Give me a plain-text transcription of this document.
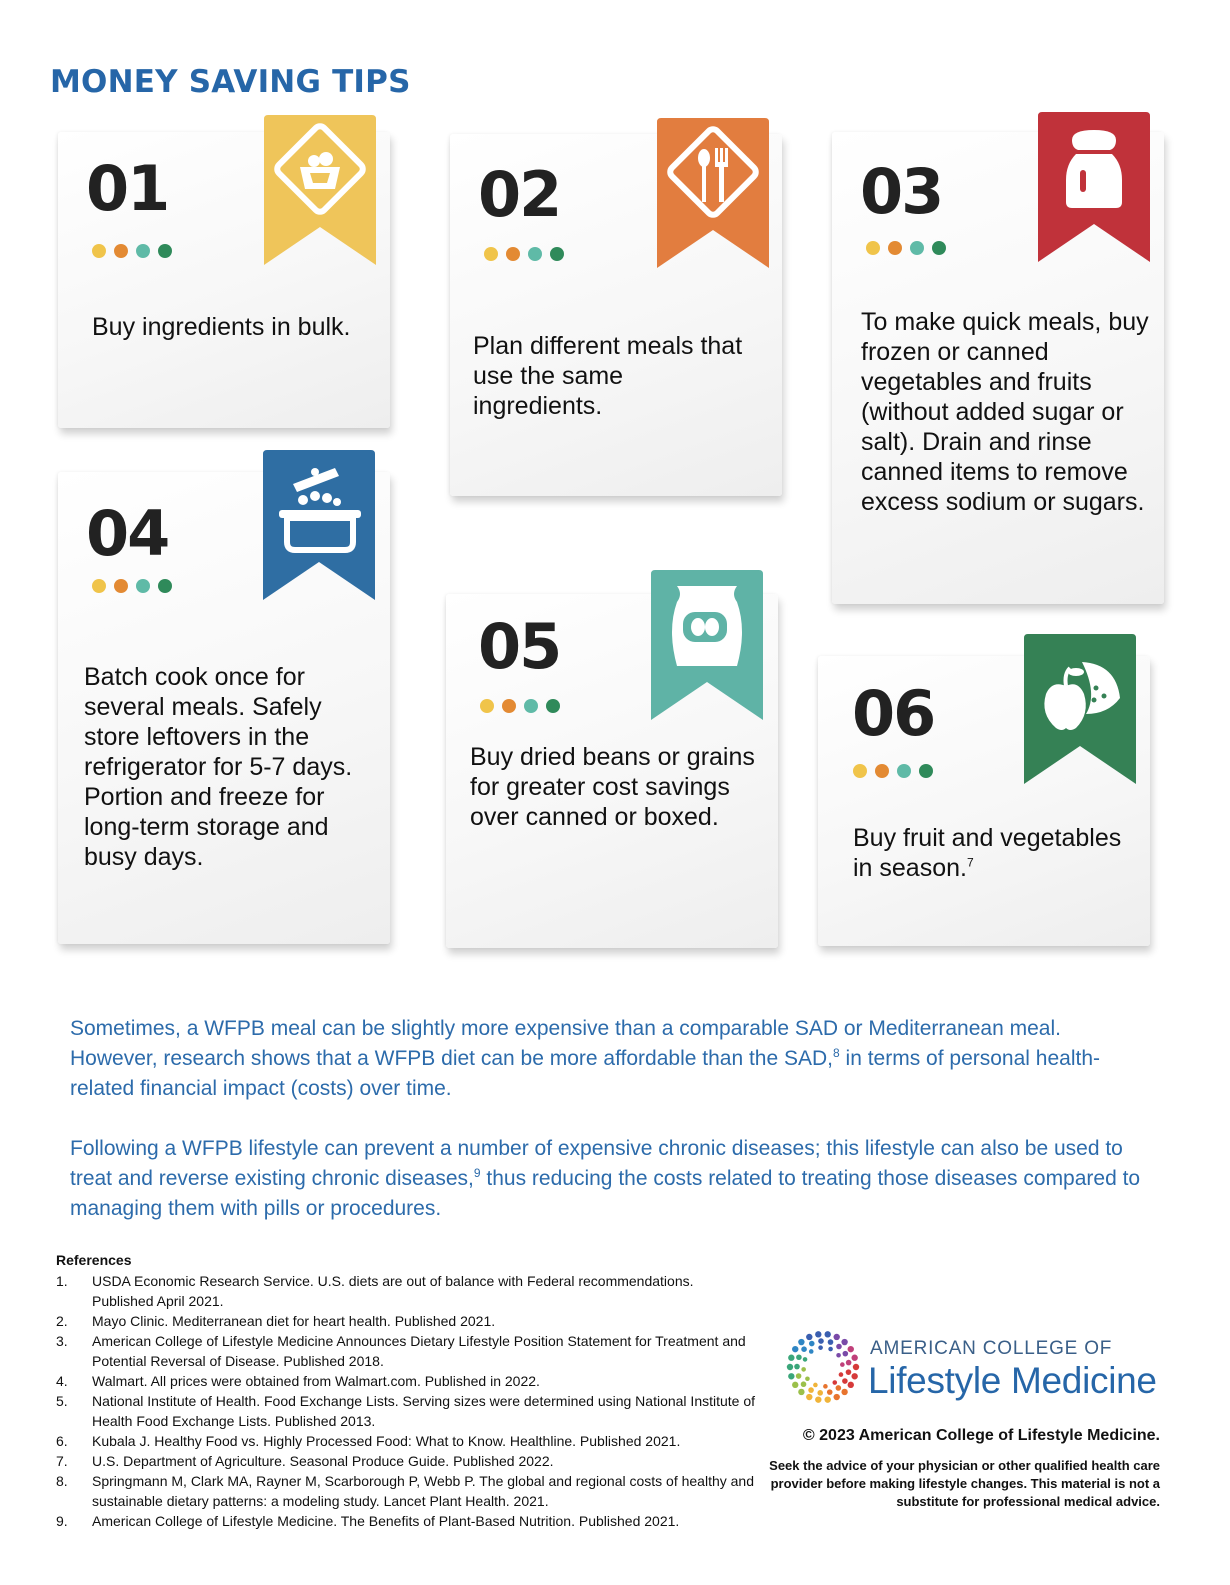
MONEY SAVING TIPS
01
Buy ingredients in bulk.
02
Plan different meals that use the same ingredients.
03
To make quick meals, buy frozen or canned vegetables and fruits (without added sugar or salt). Drain and rinse canned items to remove excess sodium or sugars.
04
Batch cook once for several meals. Safely store leftovers in the refrigerator for 5-7 days. Portion and freeze for long-term storage and busy days.
05
Buy dried beans or grains for greater cost savings over canned or boxed.
06
Buy fruit and vegetables in season.$^7$

Sometimes, a WFPB meal can be slightly more expensive than a comparable SAD or Mediterranean meal. However, research shows that a WFPB diet can be more affordable than the SAD,$^8$ in terms of personal health-related financial impact (costs) over time.

Following a WFPB lifestyle can prevent a number of expensive chronic diseases; this lifestyle can also be used to treat and reverse existing chronic diseases,$^9$ thus reducing the costs related to treating those diseases compared to managing them with pills or procedures.

References
1. USDA Economic Research Service. U.S. diets are out of balance with Federal recommendations. Published April 2021.
2. Mayo Clinic. Mediterranean diet for heart health. Published 2021.
3. American College of Lifestyle Medicine Announces Dietary Lifestyle Position Statement for Treatment and Potential Reversal of Disease. Published 2018.
4. Walmart. All prices were obtained from Walmart.com. Published in 2022.
5. National Institute of Health. Food Exchange Lists. Serving sizes were determined using National Institute of Health Food Exchange Lists. Published 2013.
6. Kubala J. Healthy Food vs. Highly Processed Food: What to Know. Healthline. Published 2021.
7. U.S. Department of Agriculture. Seasonal Produce Guide. Published 2022.
8. Springmann M, Clark MA, Rayner M, Scarborough P, Webb P. The global and regional costs of healthy and sustainable dietary patterns: a modeling study. Lancet Plant Health. 2021.
9. American College of Lifestyle Medicine. The Benefits of Plant-Based Nutrition. Published 2021.
AMERICAN COLLEGE OF
Lifestyle Medicine
© 2023 American College of Lifestyle Medicine.
Seek the advice of your physician or other qualified health care provider before making lifestyle changes. This material is not a substitute for professional medical advice.
